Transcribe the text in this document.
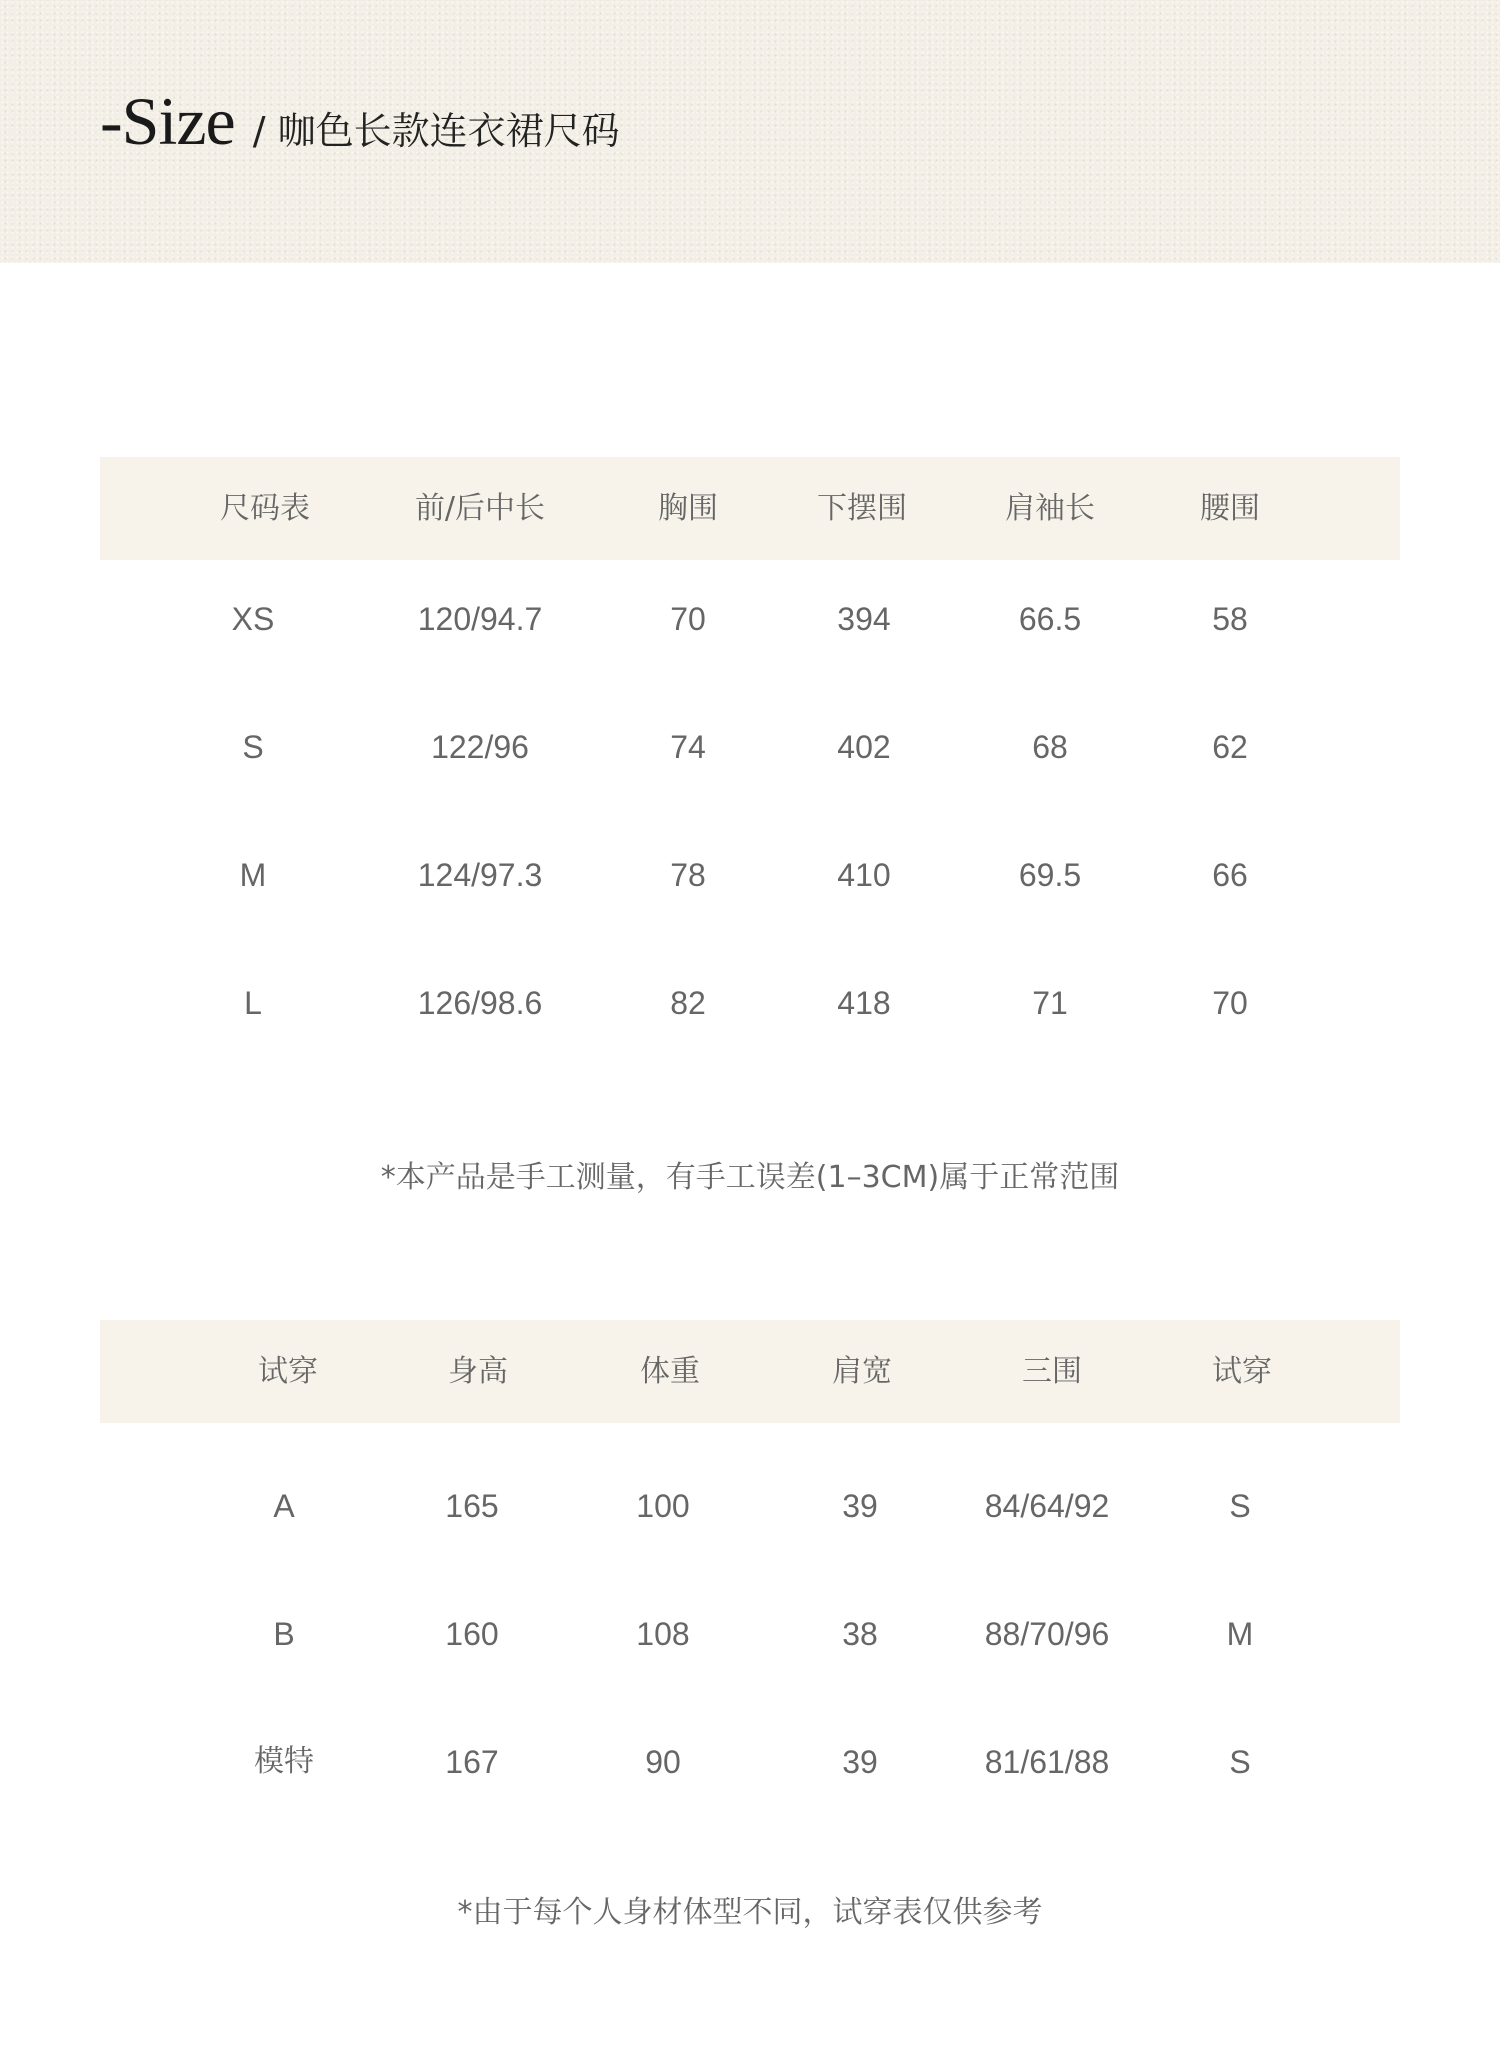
-Size / 咖色长款连衣裙尺码
尺码表	前/后中长	胸围	下摆围	肩袖长	腰围
XS	120/94.7	70	394	66.5	58
S	122/96	74	402	68	62
M	124/97.3	78	410	69.5	66
L	126/98.6	82	418	71	70
*本产品是手工测量，有手工误差(1–3CM)属于正常范围
试穿	身高	体重	肩宽	三围	试穿
A	165	100	39	84/64/92	S
B	160	108	38	88/70/96	M
模特	167	90	39	81/61/88	S
*由于每个人身材体型不同，试穿表仅供参考
